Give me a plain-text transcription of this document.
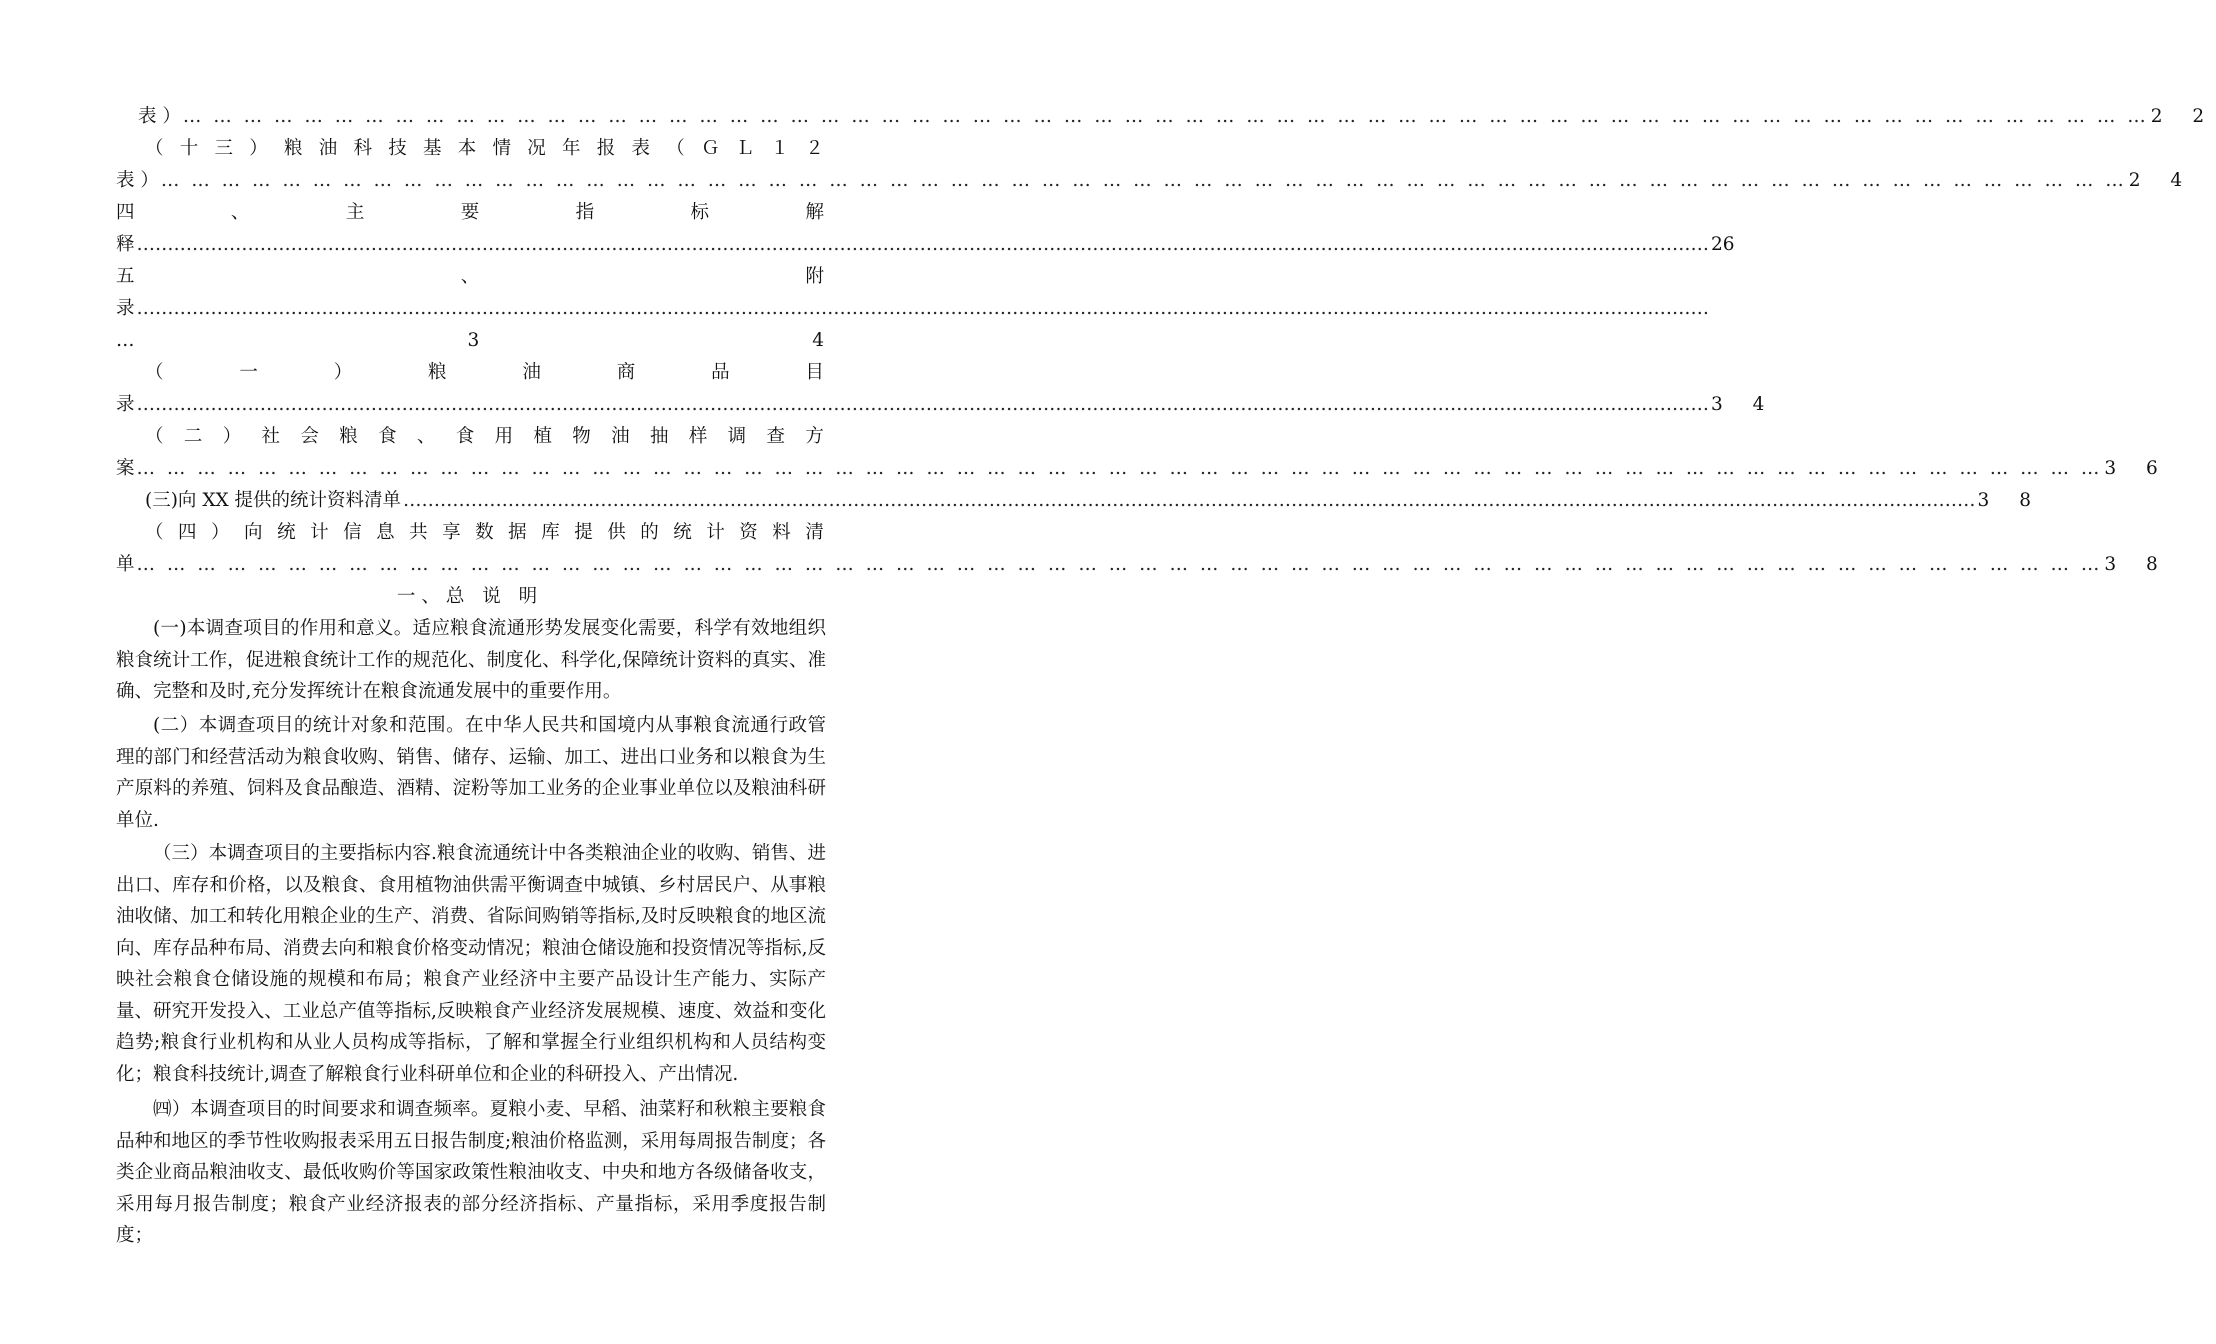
表 ） … … … … … … … … … … … … … … … … … … … … … … … … … … … … … … … … … … … … … … … … … … … … … … … … … … … … … … … … … … … … … … … … …	2 2
（ 十 三 ） 粮 油 科 技 基 本 情 况 年 报 表 （ Ｇ Ｌ １ ２
表 ） … … … … … … … … … … … … … … … … … … … … … … … … … … … … … … … … … … … … … … … … … … … … … … … … … … … … … … … … … … … … … … … … …	2 4
四	、	主	要	指	标	解
释 …………………………………………………………………………………………………………………………………………………………………………………………………………………………………	26
五	、	附
录
…………………………………………………………………………………………………………………………………………………………………………………………………………………………………
…	3	4
（	一	）	粮	油	商	品	目
录 …………………………………………………………………………………………………………………………………………………………………………………………………………………………………	3 4
（ 二 ） 社 会 粮 食 、 食 用 植 物 油 抽 样 调 查 方
案 … … … … … … … … … … … … … … … … … … … … … … … … … … … … … … … … … … … … … … … … … … … … … … … … … … … … … … … … … … … … … … … … …	3 6
(三)向 XX 提供的统计资料清单 …………………………………………………………………………………………………………………………………………………………………………………………………………………………………	3 8
（ 四 ） 向 统 计 信 息 共 享 数 据 库 提 供 的 统 计 资 料 清
单 … … … … … … … … … … … … … … … … … … … … … … … … … … … … … … … … … … … … … … … … … … … … … … … … … … … … … … … … … … … … … … … … …	3 8
一、总 说 明

(一)本调查项目的作用和意义。适应粮食流通形势发展变化需要，科学有效地组织粮食统计工作，促进粮食统计工作的规范化、制度化、科学化,保障统计资料的真实、准确、完整和及时,充分发挥统计在粮食流通发展中的重要作用。

(二）本调查项目的统计对象和范围。在中华人民共和国境内从事粮食流通行政管理的部门和经营活动为粮食收购、销售、储存、运输、加工、进出口业务和以粮食为生产原料的养殖、饲料及食品酿造、酒精、淀粉等加工业务的企业事业单位以及粮油科研单位.

（三）本调查项目的主要指标内容.粮食流通统计中各类粮油企业的收购、销售、进出口、库存和价格，以及粮食、食用植物油供需平衡调查中城镇、乡村居民户、从事粮油收储、加工和转化用粮企业的生产、消费、省际间购销等指标,及时反映粮食的地区流向、库存品种布局、消费去向和粮食价格变动情况；粮油仓储设施和投资情况等指标,反映社会粮食仓储设施的规模和布局；粮食产业经济中主要产品设计生产能力、实际产量、研究开发投入、工业总产值等指标,反映粮食产业经济发展规模、速度、效益和变化趋势;粮食行业机构和从业人员构成等指标，了解和掌握全行业组织机构和人员结构变化；粮食科技统计,调查了解粮食行业科研单位和企业的科研投入、产出情况.

㈣）本调查项目的时间要求和调查频率。夏粮小麦、早稻、油菜籽和秋粮主要粮食品种和地区的季节性收购报表采用五日报告制度;粮油价格监测，采用每周报告制度；各类企业商品粮油收支、最低收购价等国家政策性粮油收支、中央和地方各级储备收支，采用每月报告制度；粮食产业经济报表的部分经济指标、产量指标，采用季度报告制度；
